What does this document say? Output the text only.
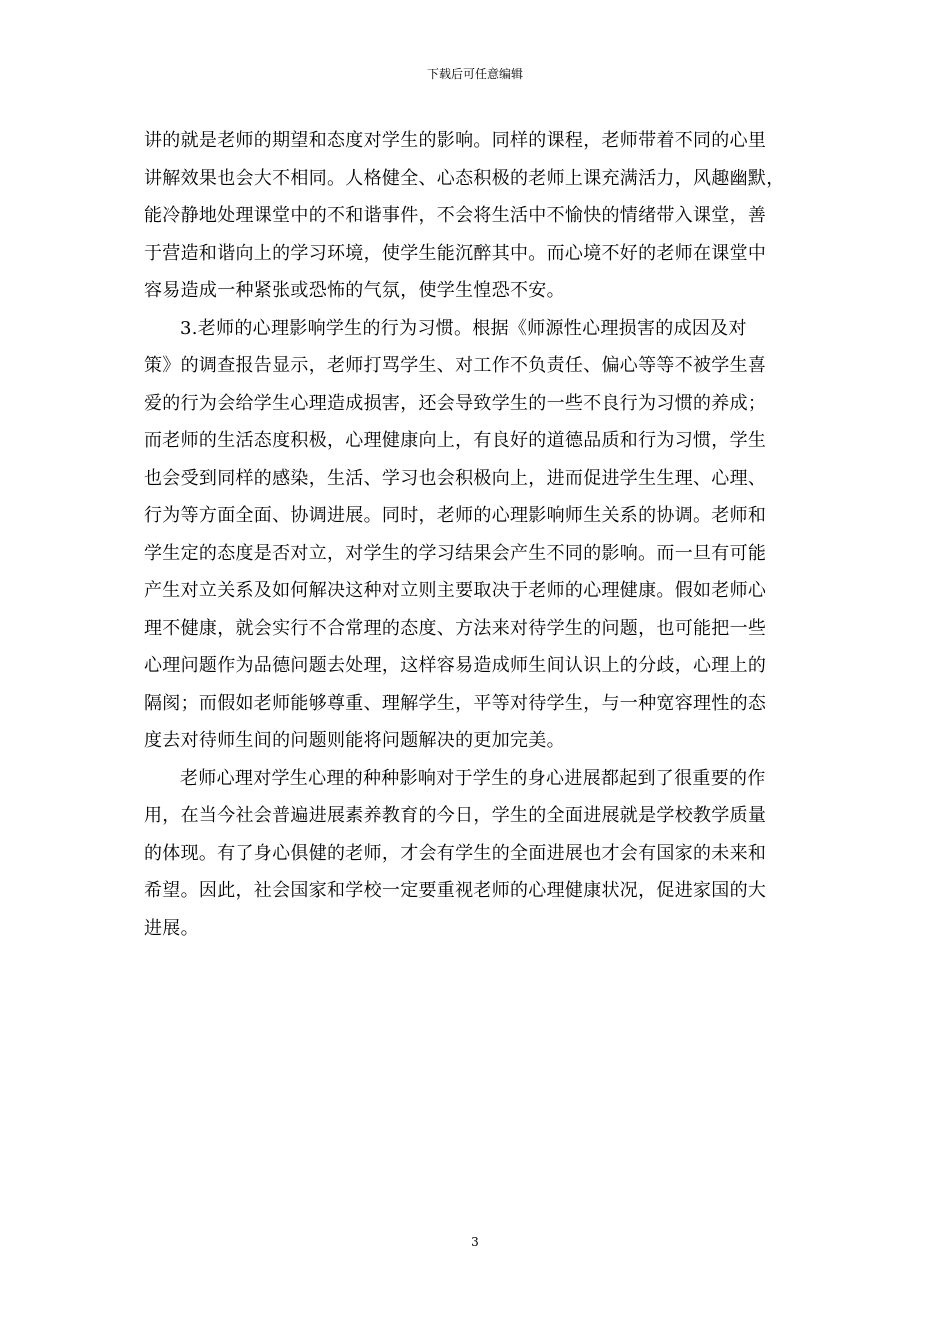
下载后可任意编辑
讲的就是老师的期望和态度对学生的影响。同样的课程，老师带着不同的心里
讲解效果也会大不相同。人格健全、心态积极的老师上课充满活力，风趣幽默，
能冷静地处理课堂中的不和谐事件，不会将生活中不愉快的情绪带入课堂，善
于营造和谐向上的学习环境，使学生能沉醉其中。而心境不好的老师在课堂中
容易造成一种紧张或恐怖的气氛，使学生惶恐不安。
3.老师的心理影响学生的行为习惯。根据《师源性心理损害的成因及对
策》的调查报告显示，老师打骂学生、对工作不负责任、偏心等等不被学生喜
爱的行为会给学生心理造成损害，还会导致学生的一些不良行为习惯的养成；
而老师的生活态度积极，心理健康向上，有良好的道德品质和行为习惯，学生
也会受到同样的感染，生活、学习也会积极向上，进而促进学生生理、心理、
行为等方面全面、协调进展。同时，老师的心理影响师生关系的协调。老师和
学生定的态度是否对立，对学生的学习结果会产生不同的影响。而一旦有可能
产生对立关系及如何解决这种对立则主要取决于老师的心理健康。假如老师心
理不健康，就会实行不合常理的态度、方法来对待学生的问题，也可能把一些
心理问题作为品德问题去处理，这样容易造成师生间认识上的分歧，心理上的
隔阂；而假如老师能够尊重、理解学生，平等对待学生，与一种宽容理性的态
度去对待师生间的问题则能将问题解决的更加完美。
老师心理对学生心理的种种影响对于学生的身心进展都起到了很重要的作
用，在当今社会普遍进展素养教育的今日，学生的全面进展就是学校教学质量
的体现。有了身心俱健的老师，才会有学生的全面进展也才会有国家的未来和
希望。因此，社会国家和学校一定要重视老师的心理健康状况，促进家国的大
进展。
3
